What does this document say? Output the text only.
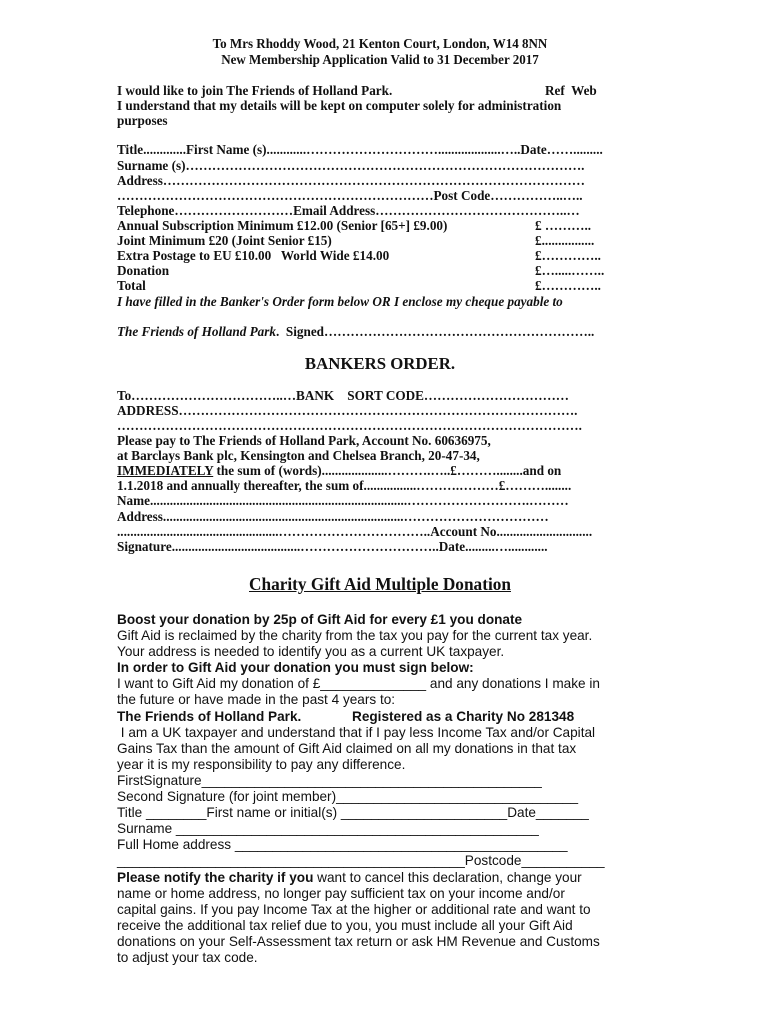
To Mrs Rhoddy Wood, 21 Kenton Court, London, W14 8NN
New Membership Application Valid to 31 December 2017
I would like to join The Friends of Holland Park.	Ref  Web
I understand that my details will be kept on computer solely for administration
purposes
Title.............First Name (s)............…………………………...................…..Date…….........
Surname (s)……………………………………………………………………………….
Address……………………………………………………………………………………
………………………………………………………………Post Code……………..…..
Telephone………………………Email Address……………………………………..…
Annual Subscription Minimum £12.00 (Senior [65+] £9.00)	£ ………..
Joint Minimum £20 (Joint Senior £15)	£................
Extra Postage to EU £10.00   World Wide £14.00	£…………..
Donation	£….....……..
Total	£…………..
I have filled in the Banker's Order form below OR I enclose my cheque payable to
The Friends of Holland Park.  Signed……………………………………………………..
BANKERS ORDER.
To……………………………..…BANK    SORT CODE……………………………
ADDRESS……………………………………………………………………………….
…………………………………………………………………………………………….
Please pay to The Friends of Holland Park, Account No. 60636975,
at Barclays Bank plc, Kensington and Chelsea Branch, 20-47-34,
IMMEDIATELY the sum of (words)....................……….…..£………........and on
1.1.2018 and annually thereafter, the sum of................……….………£………........
Name..............................................................................……………………….………
Address.........................................................................……………………………
.................................................……………………………..Account No.............................
Signature.......................................…………………………..Date.........…............
Charity Gift Aid Multiple Donation
Boost your donation by 25p of Gift Aid for every £1 you donate
Gift Aid is reclaimed by the charity from the tax you pay for the current tax year.
Your address is needed to identify you as a current UK taxpayer.
In order to Gift Aid your donation you must sign below:
I want to Gift Aid my donation of £______________ and any donations I make in
the future or have made in the past 4 years to:
The Friends of Holland Park.	Registered as a Charity No 281348
I am a UK taxpayer and understand that if I pay less Income Tax and/or Capital
Gains Tax than the amount of Gift Aid claimed on all my donations in that tax
year it is my responsibility to pay any difference.
FirstSignature_____________________________________________
Second Signature (for joint member)________________________________
Title ________First name or initial(s) ______________________Date_______
Surname ________________________________________________
Full Home address ____________________________________________
______________________________________________Postcode___________
Please notify the charity if you want to cancel this declaration, change your
name or home address, no longer pay sufficient tax on your income and/or
capital gains. If you pay Income Tax at the higher or additional rate and want to
receive the additional tax relief due to you, you must include all your Gift Aid
donations on your Self-Assessment tax return or ask HM Revenue and Customs
to adjust your tax code.
